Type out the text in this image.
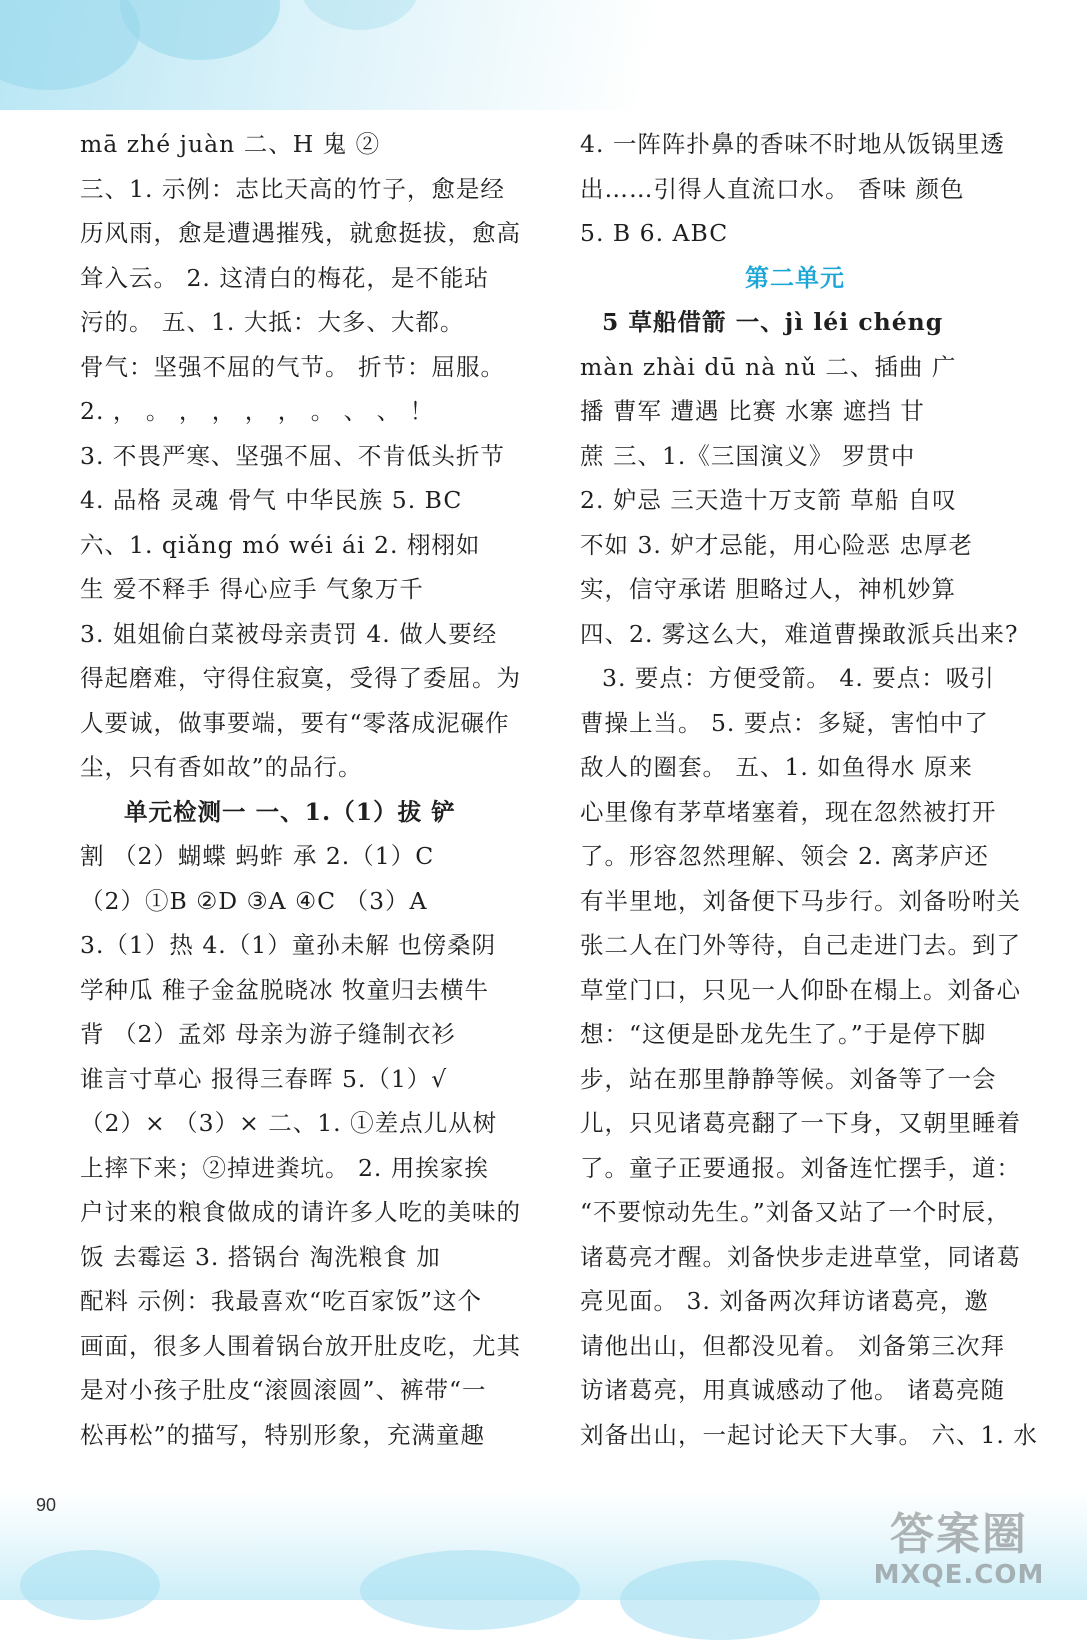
mā zhé juàn 二、H 鬼 ②
三、1. 示例：志比天高的竹子，愈是经
历风雨，愈是遭遇摧残，就愈挺拔，愈高
耸入云。 2. 这清白的梅花，是不能玷
污的。 五、1. 大抵：大多、大都。
骨气：坚强不屈的气节。 折节：屈服。
2. ， 。 ， ， ， ， 。 、 、 ！
3. 不畏严寒、坚强不屈、不肯低头折节
4. 品格 灵魂 骨气 中华民族 5. BC
六、1. qiǎng mó wéi ái 2. 栩栩如
生 爱不释手 得心应手 气象万千
3. 姐姐偷白菜被母亲责罚 4. 做人要经
得起磨难，守得住寂寞，受得了委屈。为
人要诚，做事要端，要有“零落成泥碾作
尘，只有香如故”的品行。
单元检测一 一、1.（1）拔 铲
割 （2）蝴蝶 蚂蚱 承 2.（1）C
（2）①B ②D ③A ④C （3）A
3.（1）热 4.（1）童孙未解 也傍桑阴
学种瓜 稚子金盆脱晓冰 牧童归去横牛
背 （2）孟郊 母亲为游子缝制衣衫
谁言寸草心 报得三春晖 5.（1）√
（2）× （3）× 二、1. ①差点儿从树
上摔下来；②掉进粪坑。 2. 用挨家挨
户讨来的粮食做成的请许多人吃的美味的
饭 去霉运 3. 搭锅台 淘洗粮食 加
配料 示例：我最喜欢“吃百家饭”这个
画面，很多人围着锅台放开肚皮吃，尤其
是对小孩子肚皮“滚圆滚圆”、裤带“一
松再松”的描写，特别形象，充满童趣
4. 一阵阵扑鼻的香味不时地从饭锅里透
出……引得人直流口水。 香味 颜色
5. B 6. ABC
第二单元
5 草船借箭 一、jì léi chéng
màn zhài dū nà nǔ 二、插曲 广
播 曹军 遭遇 比赛 水寨 遮挡 甘
蔗 三、1.《三国演义》 罗贯中
2. 妒忌 三天造十万支箭 草船 自叹
不如 3. 妒才忌能，用心险恶 忠厚老
实，信守承诺 胆略过人，神机妙算
四、2. 雾这么大，难道曹操敢派兵出来?
3. 要点：方便受箭。 4. 要点：吸引
曹操上当。 5. 要点：多疑，害怕中了
敌人的圈套。 五、1. 如鱼得水 原来
心里像有茅草堵塞着，现在忽然被打开
了。形容忽然理解、领会 2. 离茅庐还
有半里地，刘备便下马步行。刘备吩咐关
张二人在门外等待，自己走进门去。到了
草堂门口，只见一人仰卧在榻上。刘备心
想：“这便是卧龙先生了。”于是停下脚
步，站在那里静静等候。刘备等了一会
儿，只见诸葛亮翻了一下身，又朝里睡着
了。童子正要通报。刘备连忙摆手，道：
“不要惊动先生。”刘备又站了一个时辰，
诸葛亮才醒。刘备快步走进草堂，同诸葛
亮见面。 3. 刘备两次拜访诸葛亮，邀
请他出山，但都没见着。 刘备第三次拜
访诸葛亮，用真诚感动了他。 诸葛亮随
刘备出山，一起讨论天下大事。 六、1. 水
90
答案圈
MXQE.COM
